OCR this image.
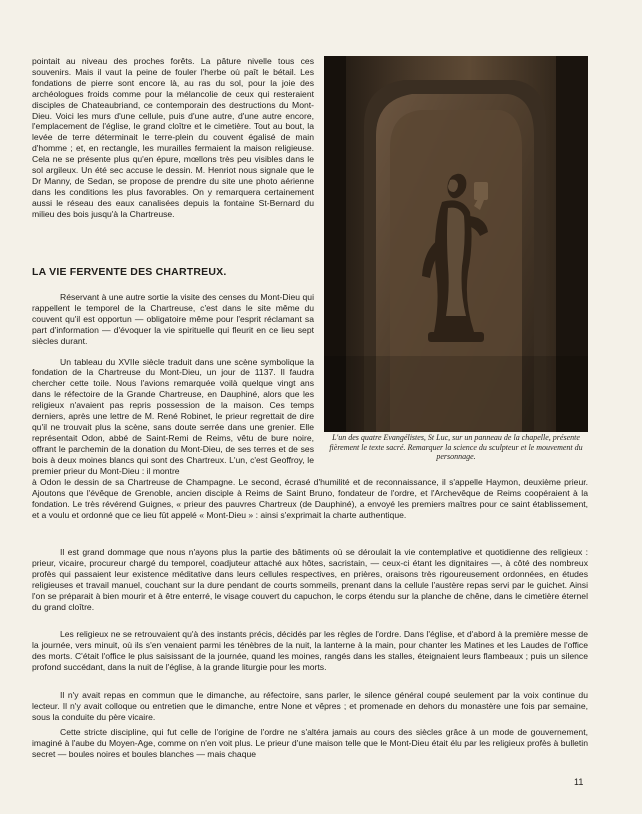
pointait au niveau des proches forêts. La pâture nivelle tous ces souvenirs. Mais il vaut la peine de fouler l'herbe où paît le bétail. Les fondations de pierre sont encore là, au ras du sol, pour la joie des archéologues froids comme pour la mélancolie de ceux qui resteraient disciples de Chateaubriand, ce contemporain des destructions du Mont-Dieu. Voici les murs d'une cellule, puis d'une autre, d'une autre encore, l'emplacement de l'église, le grand cloître et le cimetière. Tout au bout, la levée de terre déterminait le terre-plein du couvent égalisé de main d'homme ; et, en rectangle, les murailles fermaient la maison religieuse. Cela ne se présente plus qu'en épure, mœllons très peu visibles dans le sol argileux. Un été sec accuse le dessin. M. Henriot nous signale que le Dr Manny, de Sedan, se propose de prendre du site une photo aérienne dans les conditions les plus favorables. On y remarquera certainement aussi le réseau des eaux canalisées depuis la fontaine St-Bernard du milieu des bois jusqu'à la Chartreuse.

LA VIE FERVENTE DES CHARTREUX.

Réservant à une autre sortie la visite des censes du Mont-Dieu qui rappellent le temporel de la Chartreuse, c'est dans le site même du couvent qu'il est opportun — obligatoire même pour l'esprit réclamant sa part d'information — d'évoquer la vie spirituelle qui fleurit en ce lieu sept siècles durant.

Un tableau du XVIIe siècle traduit dans une scène symbolique la fondation de la Chartreuse du Mont-Dieu, un jour de 1137. Il faudra chercher cette toile. Nous l'avions remarquée voilà quelque vingt ans dans le réfectoire de la Grande Chartreuse, en Dauphiné, alors que les religieux n'avaient pas repris possession de la maison. Ces temps derniers, après une lettre de M. René Robinet, le prieur regrettait de dire qu'il ne trouvait plus la scène, sans doute serrée dans une grenier. Elle représentait Odon, abbé de Saint-Remi de Reims, vêtu de bure noire, offrant le parchemin de la donation du Mont-Dieu, de ses terres et de ses bois à deux moines blancs qui sont des Chartreux. L'un, c'est Geoffroy, le premier prieur du Mont-Dieu : il montre

L'un des quatre Evangélistes, St Luc, sur un panneau de la chapelle, présente fièrement le texte sacré. Remarquer la science du sculpteur et le mouvement du personnage.

à Odon le dessin de sa Chartreuse de Champagne. Le second, écrasé d'humilité et de reconnaissance, il s'appelle Haymon, deuxième prieur. Ajoutons que l'évêque de Grenoble, ancien disciple à Reims de Saint Bruno, fondateur de l'ordre, et l'Archevêque de Reims coopéraient à la fondation. Le très révérend Guignes, « prieur des pauvres Chartreux (de Dauphiné), a envoyé les premiers maîtres pour ce saint établissement, et a voulu et ordonné que ce lieu fût appelé « Mont-Dieu » : ainsi s'exprimait la charte authentique.

Il est grand dommage que nous n'ayons plus la partie des bâtiments où se déroulait la vie contemplative et quotidienne des religieux : prieur, vicaire, procureur chargé du temporel, coadjuteur attaché aux hôtes, sacristain, — ceux-ci étant les dignitaires —, à côté des nombreux profès qui passaient leur existence méditative dans leurs cellules respectives, en prières, oraisons très rigoureusement ordonnées, en études religieuses et travail manuel, couchant sur la dure pendant de courts sommeils, prenant dans la cellule l'austère repas servi par le guichet. Ainsi l'on se préparait à bien mourir et à être enterré, le visage couvert du capuchon, le corps étendu sur la planche de chêne, dans le cimetière éternel du grand cloître.

Les religieux ne se retrouvaient qu'à des instants précis, décidés par les règles de l'ordre. Dans l'église, et d'abord à la première messe de la journée, vers minuit, où ils s'en venaient parmi les ténèbres de la nuit, la lanterne à la main, pour chanter les Matines et les Laudes de l'office des morts. C'était l'office le plus saisissant de la journée, quand les moines, rangés dans les stalles, éteignaient leurs flambeaux ; puis un silence profond succédant, dans la nuit de l'église, à la grande liturgie pour les morts.

Il n'y avait repas en commun que le dimanche, au réfectoire, sans parler, le silence général coupé seulement par la voix continue du lecteur. Il n'y avait colloque ou entretien que le dimanche, entre None et vêpres ; et promenade en dehors du monastère une fois par semaine, sous la conduite du père vicaire.

Cette stricte discipline, qui fut celle de l'origine de l'ordre ne s'altéra jamais au cours des siècles grâce à un mode de gouvernement, imaginé à l'aube du Moyen-Age, comme on n'en voit plus. Le prieur d'une maison telle que le Mont-Dieu était élu par les religieux profès à bulletin secret — boules noires et boules blanches — mais chaque

11
